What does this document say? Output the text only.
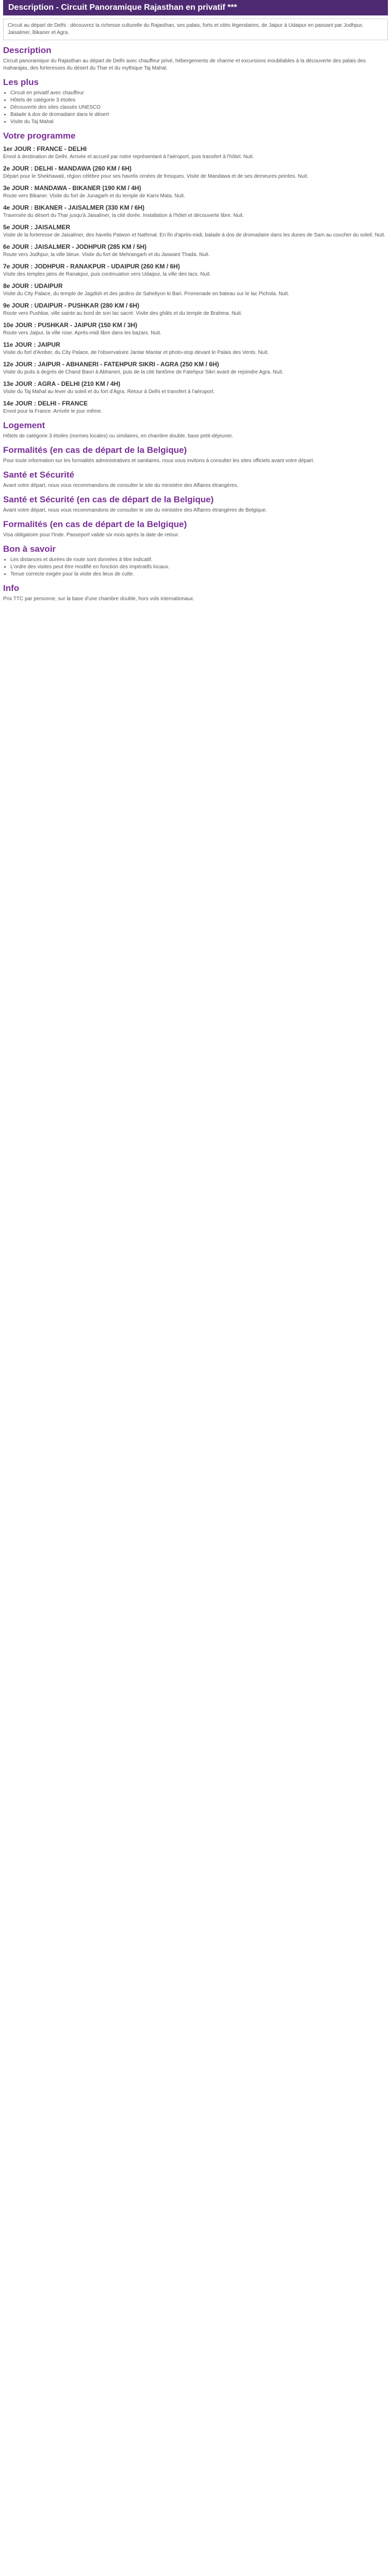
Description - Circuit Panoramique Rajasthan en privatif ***
Circuit au départ de Delhi : découvrez la richesse culturelle du Rajasthan, ses palais, forts et cités légendaires, de Jaipur à Udaipur en passant par Jodhpur, Jaisalmer, Bikaner et Agra.
Description

Circuit panoramique du Rajasthan au départ de Delhi avec chauffeur privé, hébergements de charme et excursions inoubliables à la découverte des palais des maharajas, des forteresses du désert du Thar et du mythique Taj Mahal.

Les plus
• Circuit en privatif avec chauffeur
• Hôtels de catégorie 3 étoiles
• Découverte des sites classés UNESCO
• Balade à dos de dromadaire dans le désert
• Visite du Taj Mahal
Votre programme
1er JOUR : FRANCE - DELHI

Envol à destination de Delhi. Arrivée et accueil par notre représentant à l'aéroport, puis transfert à l'hôtel. Nuit.

2e JOUR : DELHI - MANDAWA (260 KM / 6H)

Départ pour le Shekhawati, région célèbre pour ses havelis ornées de fresques. Visite de Mandawa et de ses demeures peintes. Nuit.

3e JOUR : MANDAWA - BIKANER (190 KM / 4H)

Route vers Bikaner. Visite du fort de Junagarh et du temple de Karni Mata. Nuit.

4e JOUR : BIKANER - JAISALMER (330 KM / 6H)

Traversée du désert du Thar jusqu'à Jaisalmer, la cité dorée. Installation à l'hôtel et découverte libre. Nuit.

5e JOUR : JAISALMER

Visite de la forteresse de Jaisalmer, des havelis Patwon et Nathmal. En fin d'après-midi, balade à dos de dromadaire dans les dunes de Sam au coucher du soleil. Nuit.

6e JOUR : JAISALMER - JODHPUR (285 KM / 5H)

Route vers Jodhpur, la ville bleue. Visite du fort de Mehrangarh et du Jaswant Thada. Nuit.

7e JOUR : JODHPUR - RANAKPUR - UDAIPUR (260 KM / 6H)

Visite des temples jaïns de Ranakpur, puis continuation vers Udaipur, la ville des lacs. Nuit.

8e JOUR : UDAIPUR

Visite du City Palace, du temple de Jagdish et des jardins de Saheliyon ki Bari. Promenade en bateau sur le lac Pichola. Nuit.

9e JOUR : UDAIPUR - PUSHKAR (280 KM / 6H)

Route vers Pushkar, ville sainte au bord de son lac sacré. Visite des ghâts et du temple de Brahma. Nuit.

10e JOUR : PUSHKAR - JAIPUR (150 KM / 3H)

Route vers Jaipur, la ville rose. Après-midi libre dans les bazars. Nuit.

11e JOUR : JAIPUR

Visite du fort d'Amber, du City Palace, de l'observatoire Jantar Mantar et photo-stop devant le Palais des Vents. Nuit.

12e JOUR : JAIPUR - ABHANERI - FATEHPUR SIKRI - AGRA (250 KM / 6H)

Visite du puits à degrés de Chand Baori à Abhaneri, puis de la cité fantôme de Fatehpur Sikri avant de rejoindre Agra. Nuit.

13e JOUR : AGRA - DELHI (210 KM / 4H)

Visite du Taj Mahal au lever du soleil et du fort d'Agra. Retour à Delhi et transfert à l'aéroport.

14e JOUR : DELHI - FRANCE

Envol pour la France. Arrivée le jour même.

Logement

Hôtels de catégorie 3 étoiles (normes locales) ou similaires, en chambre double, base petit-déjeuner.

Formalités (en cas de départ de la Belgique)

Pour toute information sur les formalités administratives et sanitaires, nous vous invitons à consulter les sites officiels avant votre départ.

Santé et Sécurité

Avant votre départ, nous vous recommandons de consulter le site du ministère des Affaires étrangères.

Santé et Sécurité (en cas de départ de la Belgique)

Avant votre départ, nous vous recommandons de consulter le site du ministère des Affaires étrangères de Belgique.

Formalités (en cas de départ de la Belgique)

Visa obligatoire pour l'Inde. Passeport valide six mois après la date de retour.

Bon à savoir
• Les distances et durées de route sont données à titre indicatif.
• L'ordre des visites peut être modifié en fonction des impératifs locaux.
• Tenue correcte exigée pour la visite des lieux de culte.
Info

Prix TTC par personne, sur la base d'une chambre double, hors vols internationaux.
